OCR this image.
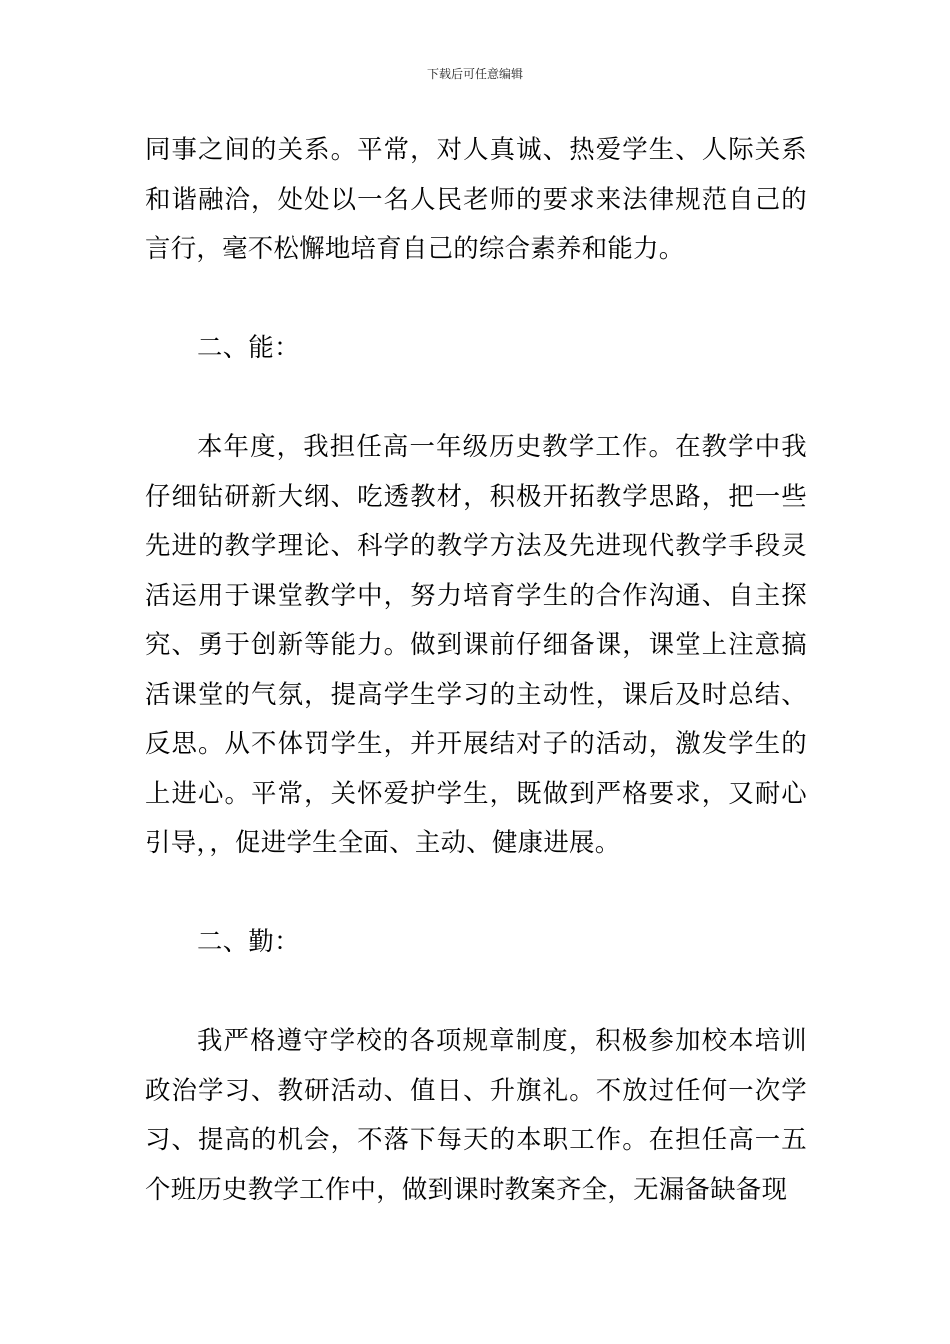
下载后可任意编辑

同事之间的关系。平常，对人真诚、热爱学生、人际关系和谐融洽，处处以一名人民老师的要求来法律规范自己的言行，毫不松懈地培育自己的综合素养和能力。

二、能：

本年度，我担任高一年级历史教学工作。在教学中我仔细钻研新大纲、吃透教材，积极开拓教学思路，把一些先进的教学理论、科学的教学方法及先进现代教学手段灵活运用于课堂教学中，努力培育学生的合作沟通、自主探究、勇于创新等能力。做到课前仔细备课，课堂上注意搞活课堂的气氛，提高学生学习的主动性，课后及时总结、反思。从不体罚学生，并开展结对子的活动，激发学生的上进心。平常，关怀爱护学生，既做到严格要求，又耐心引导，，促进学生全面、主动、健康进展。

二、勤：

我严格遵守学校的各项规章制度，积极参加校本培训政治学习、教研活动、值日、升旗礼。不放过任何一次学习、提高的机会，不落下每天的本职工作。在担任高一五个班历史教学工作中，做到课时教案齐全，无漏备缺备现
